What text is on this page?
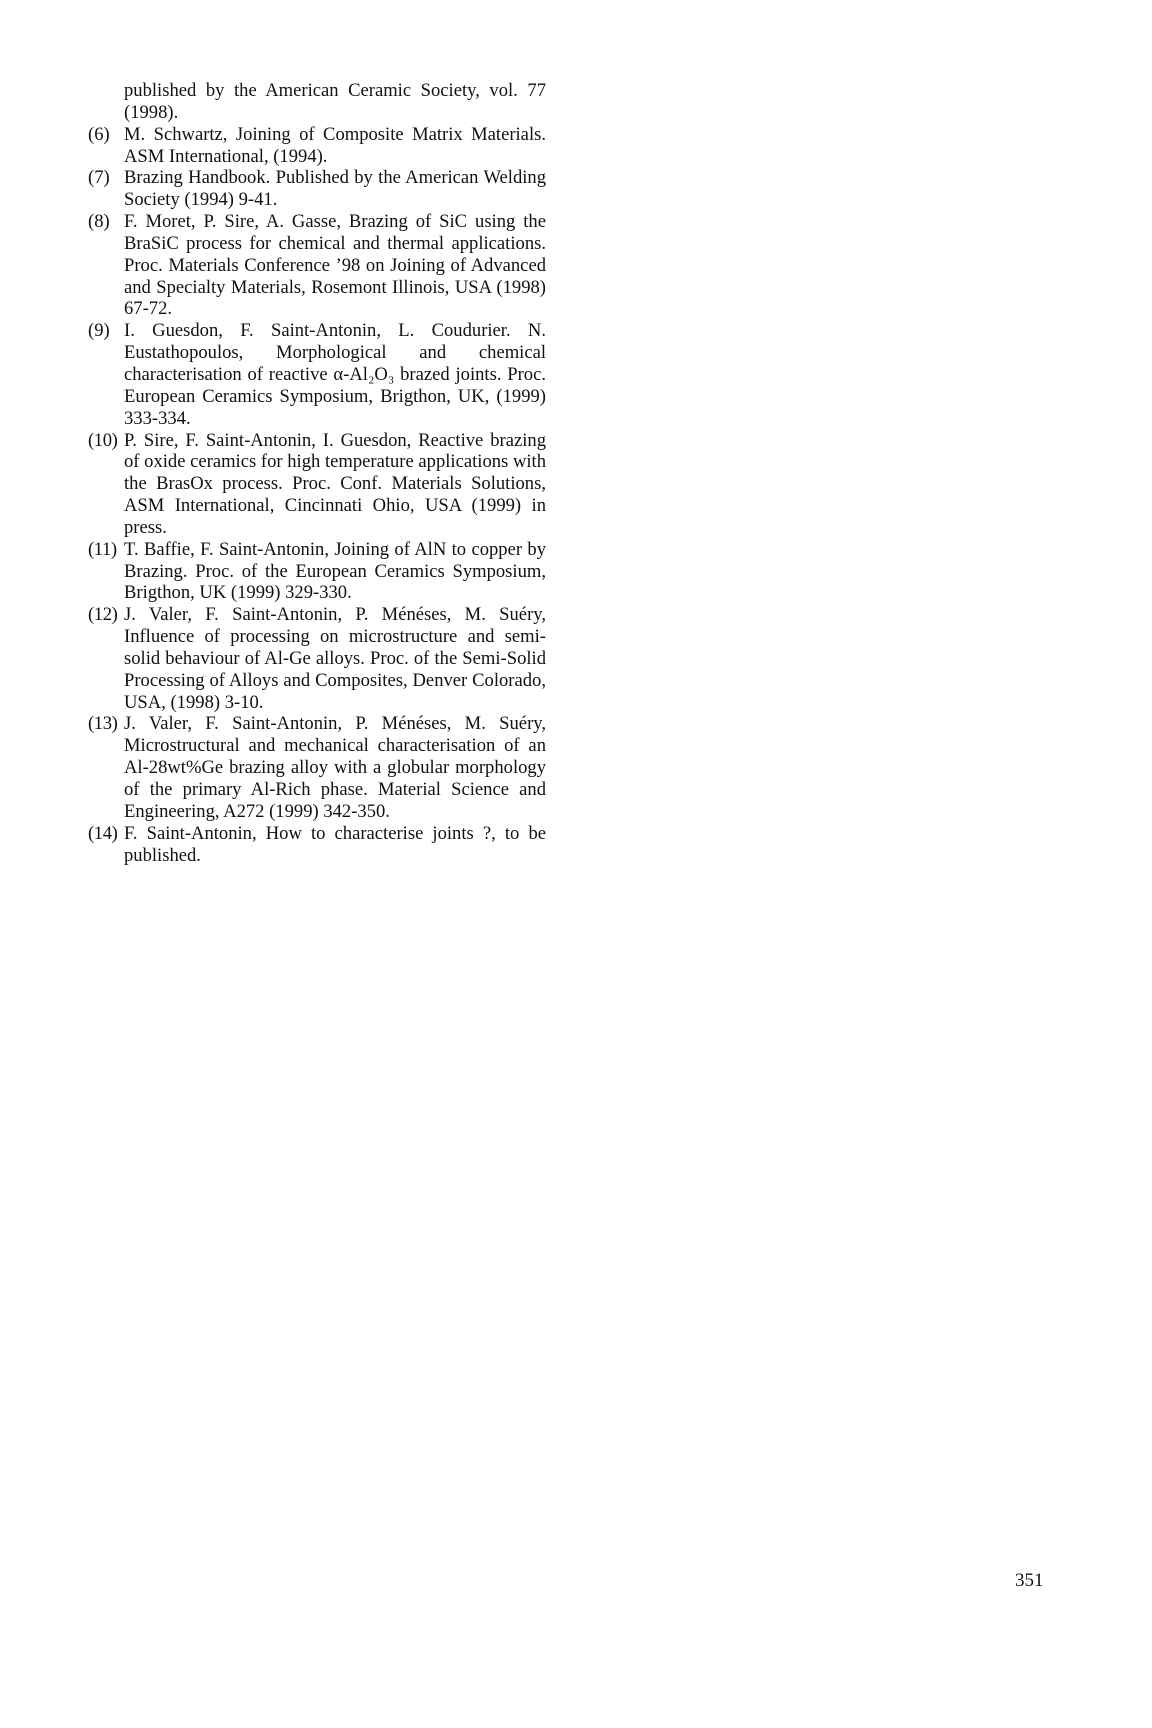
published by the American Ceramic Society, vol. 77 (1998).
(6) M. Schwartz, Joining of Composite Matrix Materials. ASM International, (1994).
(7) Brazing Handbook. Published by the American Welding Society (1994) 9-41.
(8) F. Moret, P. Sire, A. Gasse, Brazing of SiC using the BraSiC process for chemical and thermal applications. Proc. Materials Conference ’98 on Joining of Advanced and Specialty Materials, Rosemont Illinois, USA (1998) 67-72.
(9) I. Guesdon, F. Saint-Antonin, L. Coudurier. N. Eustathopoulos, Morphological and chemical characterisation of reactive α-Al₂O₃ brazed joints. Proc. European Ceramics Symposium, Brigthon, UK, (1999) 333-334.
(10) P. Sire, F. Saint-Antonin, I. Guesdon, Reactive brazing of oxide ceramics for high temperature applications with the BrasOx process. Proc. Conf. Materials Solutions, ASM International, Cincinnati Ohio, USA (1999) in press.
(11) T. Baffie, F. Saint-Antonin, Joining of AlN to copper by Brazing. Proc. of the European Ceramics Symposium, Brigthon, UK (1999) 329-330.
(12) J. Valer, F. Saint-Antonin, P. Ménéses, M. Suéry, Influence of processing on microstructure and semi-solid behaviour of Al-Ge alloys. Proc. of the Semi-Solid Processing of Alloys and Composites, Denver Colorado, USA, (1998) 3-10.
(13) J. Valer, F. Saint-Antonin, P. Ménéses, M. Suéry, Microstructural and mechanical characterisation of an Al-28wt%Ge brazing alloy with a globular morphology of the primary Al-Rich phase. Material Science and Engineering, A272 (1999) 342-350.
(14) F. Saint-Antonin, How to characterise joints ?, to be published.
351
